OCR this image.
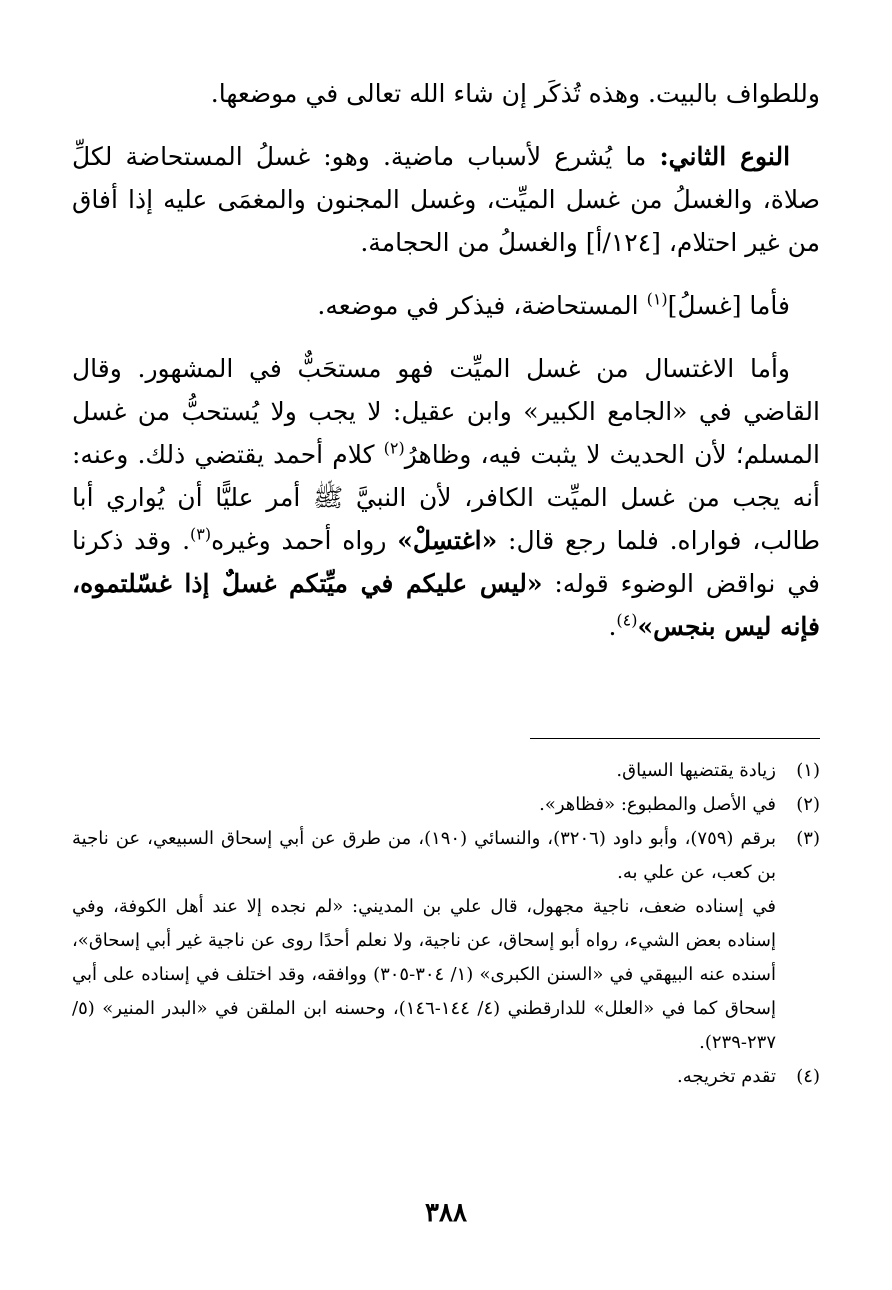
وللطواف بالبيت. وهذه تُذكَر إن شاء الله تعالى في موضعها.

النوع الثاني: ما يُشرع لأسباب ماضية. وهو: غسلُ المستحاضة لكلِّ صلاة، والغسلُ من غسل الميِّت، وغسل المجنون والمغمَى عليه إذا أفاق من غير احتلام، [١٢٤/أ] والغسلُ من الحجامة.

فأما [غسلُ]$^{(١)}$ المستحاضة، فيذكر في موضعه.

وأما الاغتسال من غسل الميِّت فهو مستحَبٌّ في المشهور. وقال القاضي في «الجامع الكبير» وابن عقيل: لا يجب ولا يُستحبُّ من غسل المسلم؛ لأن الحديث لا يثبت فيه، وظاهرُ$^{(٢)}$ كلام أحمد يقتضي ذلك. وعنه: أنه يجب من غسل الميِّت الكافر، لأن النبيَّ ﷺ أمر عليًّا أن يُواري أبا طالب، فواراه. فلما رجع قال: «اغتسِلْ» رواه أحمد وغيره$^{(٣)}$. وقد ذكرنا في نواقض الوضوء قوله: «ليس عليكم في ميِّتكم غسلٌ إذا غسّلتموه، فإنه ليس بنجس»$^{(٤)}$.

(١)

زيادة يقتضيها السياق.

(٢)

في الأصل والمطبوع: «فظاهر».

(٣)

برقم (٧٥٩)، وأبو داود (٣٢٠٦)، والنسائي (١٩٠)، من طرق عن أبي إسحاق السبيعي، عن ناجية بن كعب، عن علي به.

في إسناده ضعف، ناجية مجهول، قال علي بن المديني: «لم نجده إلا عند أهل الكوفة، وفي إسناده بعض الشيء، رواه أبو إسحاق، عن ناجية، ولا نعلم أحدًا روى عن ناجية غير أبي إسحاق»، أسنده عنه البيهقي في «السنن الكبرى» (١/ ٣٠٤-٣٠٥) ووافقه، وقد اختلف في إسناده على أبي إسحاق كما في «العلل» للدارقطني (٤/ ١٤٤-١٤٦)، وحسنه ابن الملقن في «البدر المنير» (٥/ ٢٣٧-٢٣٩).

(٤)

تقدم تخريجه.

٣٨٨
